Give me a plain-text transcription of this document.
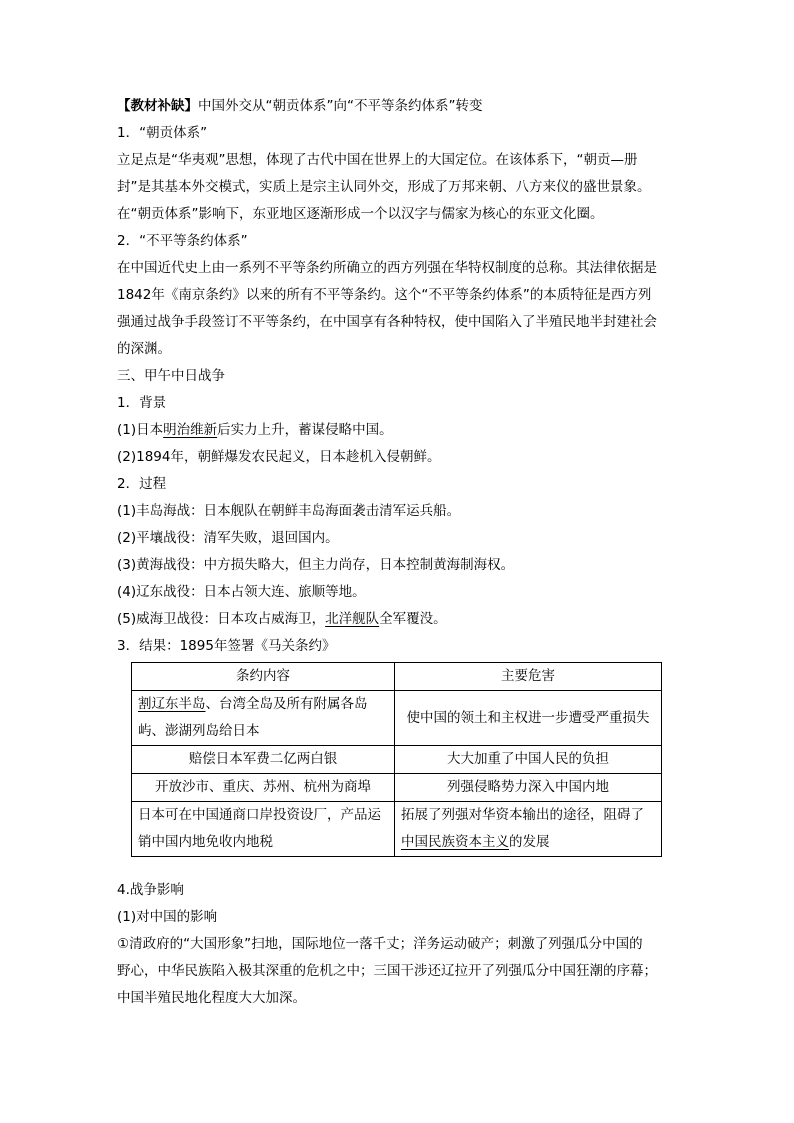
【教材补缺】中国外交从“朝贡体系”向“不平等条约体系”转变
1．“朝贡体系”
立足点是“华夷观”思想，体现了古代中国在世界上的大国定位。在该体系下，“朝贡—册
封”是其基本外交模式，实质上是宗主认同外交，形成了万邦来朝、八方来仪的盛世景象。
在“朝贡体系”影响下，东亚地区逐渐形成一个以汉字与儒家为核心的东亚文化圈。
2．“不平等条约体系”
在中国近代史上由一系列不平等条约所确立的西方列强在华特权制度的总称。其法律依据是
1842年《南京条约》以来的所有不平等条约。这个“不平等条约体系”的本质特征是西方列
强通过战争手段签订不平等条约，在中国享有各种特权，使中国陷入了半殖民地半封建社会
的深渊。
三、甲午中日战争
1．背景
(1)日本明治维新后实力上升，蓄谋侵略中国。
(2)1894年，朝鲜爆发农民起义，日本趁机入侵朝鲜。
2．过程
(1)丰岛海战：日本舰队在朝鲜丰岛海面袭击清军运兵船。
(2)平壤战役：清军失败，退回国内。
(3)黄海战役：中方损失略大，但主力尚存，日本控制黄海制海权。
(4)辽东战役：日本占领大连、旅顺等地。
(5)威海卫战役：日本攻占威海卫，北洋舰队全军覆没。
3．结果：1895年签署《马关条约》
条约内容	主要危害
割辽东半岛、台湾全岛及所有附属各岛屿、澎湖列岛给日本	使中国的领土和主权进一步遭受严重损失
赔偿日本军费二亿两白银	大大加重了中国人民的负担
开放沙市、重庆、苏州、杭州为商埠	列强侵略势力深入中国内地
日本可在中国通商口岸投资设厂，产品运销中国内地免收内地税	拓展了列强对华资本输出的途径，阻碍了中国民族资本主义的发展
4.战争影响
(1)对中国的影响
①清政府的“大国形象”扫地，国际地位一落千丈；洋务运动破产；刺激了列强瓜分中国的
野心，中华民族陷入极其深重的危机之中；三国干涉还辽拉开了列强瓜分中国狂潮的序幕；
中国半殖民地化程度大大加深。
